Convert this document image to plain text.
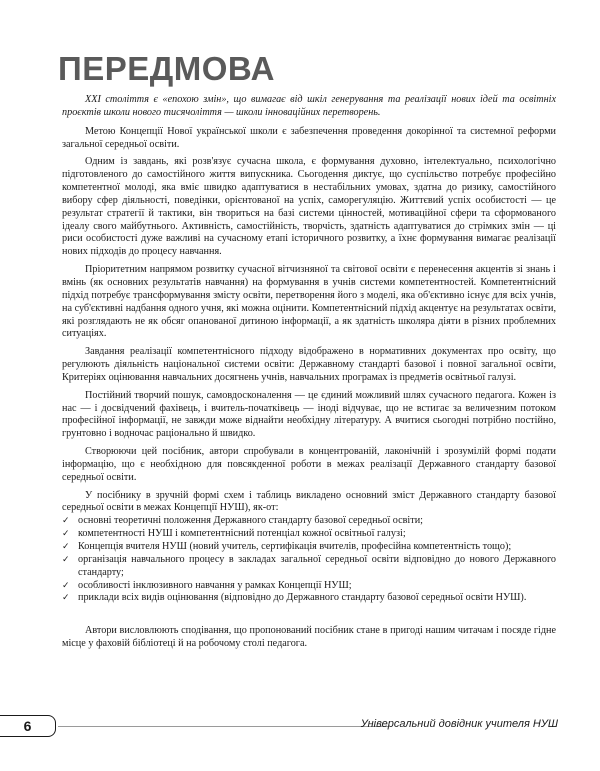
ПЕРЕДМОВА

XXI століття є «епохою змін», що вимагає від шкіл генерування та реалізації нових ідей та освітніх проєктів школи нового тисячоліття — школи інноваційних перетворень.

Метою Концепції Нової української школи є забезпечення проведення докорінної та системної реформи загальної середньої освіти.

Одним із завдань, які розв'язує сучасна школа, є формування духовно, інтелектуально, психологічно підготовленого до самостійного життя випускника. Сьогодення диктує, що суспільство потребує професійно компетентної молоді, яка вміє швидко адаптуватися в нестабільних умовах, здатна до ризику, самостійного вибору сфер діяльності, поведінки, орієнтованої на успіх, саморегуляцію. Життєвий успіх особистості — це результат стратегії й тактики, він твориться на базі системи цінностей, мотиваційної сфери та сформованого ідеалу свого майбутнього. Активність, самостійність, творчість, здатність адаптуватися до стрімких змін — ці риси особистості дуже важливі на сучасному етапі історичного розвитку, а їхнє формування вимагає реалізації нових підходів до процесу навчання.

Пріоритетним напрямом розвитку сучасної вітчизняної та світової освіти є перенесення акцентів зі знань і вмінь (як основних результатів навчання) на формування в учнів системи компетентностей. Компетентнісний підхід потребує трансформування змісту освіти, перетворення його з моделі, яка об'єктивно існує для всіх учнів, на суб'єктивні надбання одного учня, які можна оцінити. Компетентнісний підхід акцентує на результатах освіти, які розглядають не як обсяг опанованої дитиною інформації, а як здатність школяра діяти в різних проблемних ситуаціях.

Завдання реалізації компетентнісного підходу відображено в нормативних документах про освіту, що регулюють діяльність національної системи освіти: Державному стандарті базової і повної загальної освіти, Критеріях оцінювання навчальних досягнень учнів, навчальних програмах із предметів освітньої галузі.

Постійний творчий пошук, самовдосконалення — це єдиний можливий шлях сучасного педагога. Кожен із нас — і досвідчений фахівець, і вчитель-початківець — іноді відчуває, що не встигає за величезним потоком професійної інформації, не завжди може віднайти необхідну літературу. А вчитися сьогодні потрібно постійно, грунтовно і водночас раціонально й швидко.

Створюючи цей посібник, автори спробували в концентрованій, лаконічній і зрозумілій формі подати інформацію, що є необхідною для повсякденної роботи в межах реалізації Державного стандарту базової середньої освіти.

У посібнику в зручній формі схем і таблиць викладено основний зміст Державного стандарту базової середньої освіти в межах Концепції НУШ), як-от:

✓ основні теоретичні положення Державного стандарту базової середньої освіти;
✓ компетентності НУШ і компетентнісний потенціал кожної освітньої галузі;
✓ Концепція вчителя НУШ (новий учитель, сертифікація вчителів, професійна компетентність тощо);
✓ організація навчального процесу в закладах загальної середньої освіти відповідно до нового Державного стандарту;
✓ особливості інклюзивного навчання у рамках Концепції НУШ;
✓ приклади всіх видів оцінювання (відповідно до Державного стандарту базової середньої освіти НУШ).

Автори висловлюють сподівання, що пропонований посібник стане в пригоді нашим читачам і посяде гідне місце у фаховій бібліотеці й на робочому столі педагога.

6	Універсальний довідник учителя НУШ
